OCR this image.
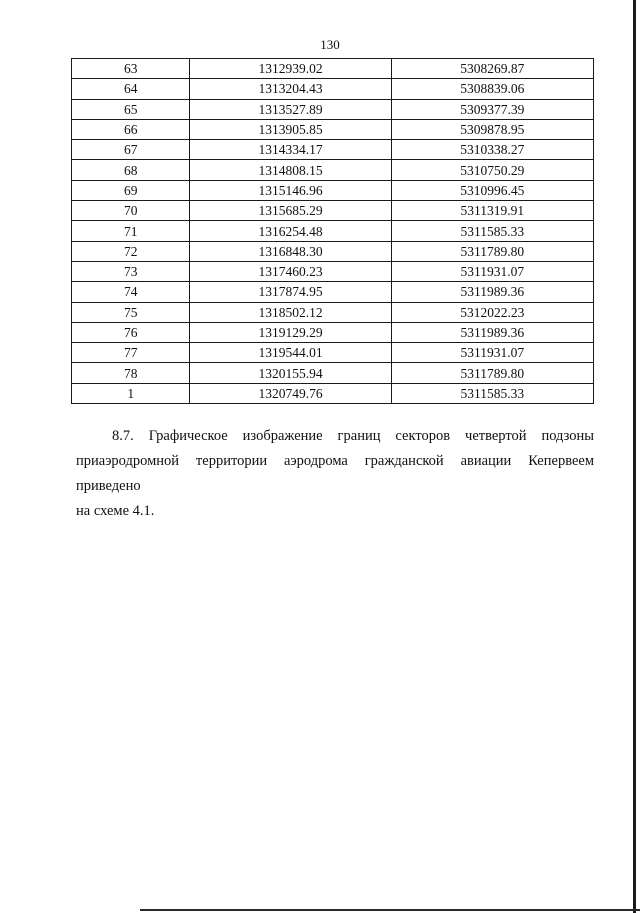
130
63	1312939.02	5308269.87
64	1313204.43	5308839.06
65	1313527.89	5309377.39
66	1313905.85	5309878.95
67	1314334.17	5310338.27
68	1314808.15	5310750.29
69	1315146.96	5310996.45
70	1315685.29	5311319.91
71	1316254.48	5311585.33
72	1316848.30	5311789.80
73	1317460.23	5311931.07
74	1317874.95	5311989.36
75	1318502.12	5312022.23
76	1319129.29	5311989.36
77	1319544.01	5311931.07
78	1320155.94	5311789.80
1	1320749.76	5311585.33
8.7. Графическое изображение границ секторов четвертой подзоны
приаэродромной территории аэродрома гражданской авиации Кепервеем приведено
на схеме 4.1.
